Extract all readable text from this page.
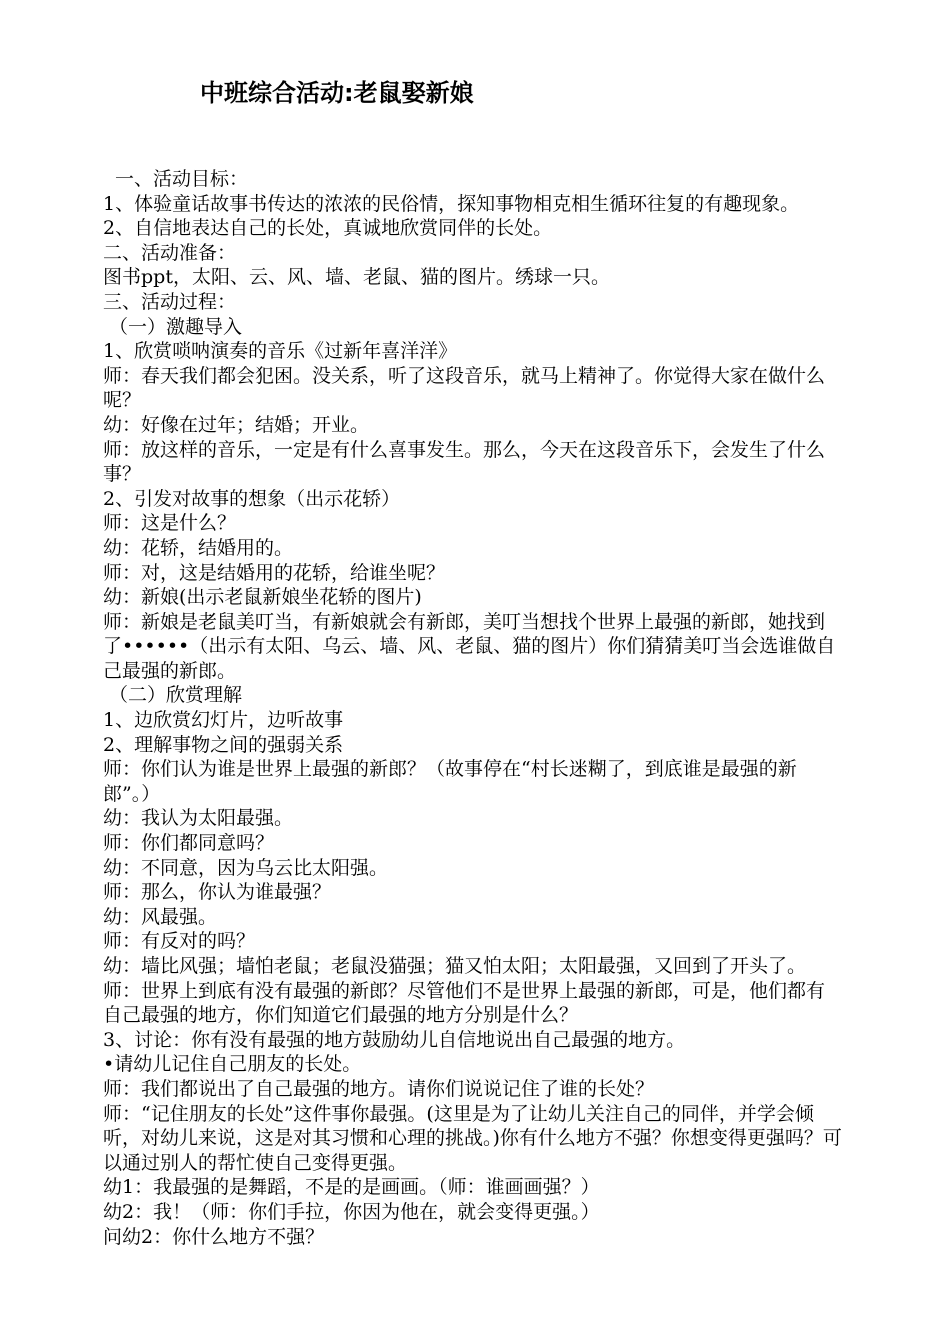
中班综合活动:老鼠娶新娘

一、活动目标：

1、体验童话故事书传达的浓浓的民俗情，探知事物相克相生循环往复的有趣现象。

2、自信地表达自己的长处，真诚地欣赏同伴的长处。

二、活动准备：

图书ppt，太阳、云、风、墙、老鼠、猫的图片。绣球一只。

三、活动过程：

（一）激趣导入

1、欣赏唢呐演奏的音乐《过新年喜洋洋》

师：春天我们都会犯困。没关系，听了这段音乐，就马上精神了。你觉得大家在做什么呢？

幼：好像在过年；结婚；开业。

师：放这样的音乐，一定是有什么喜事发生。那么，今天在这段音乐下，会发生了什么事？

2、引发对故事的想象（出示花轿）

师：这是什么？

幼：花轿，结婚用的。

师：对，这是结婚用的花轿，给谁坐呢？

幼：新娘(出示老鼠新娘坐花轿的图片)

师：新娘是老鼠美叮当，有新娘就会有新郎，美叮当想找个世界上最强的新郎，她找到了••••••（出示有太阳、乌云、墙、风、老鼠、猫的图片）你们猜猜美叮当会选谁做自己最强的新郎。

（二）欣赏理解

1、边欣赏幻灯片，边听故事

2、理解事物之间的强弱关系

师：你们认为谁是世界上最强的新郎？（故事停在“村长迷糊了，到底谁是最强的新郎”。）

幼：我认为太阳最强。

师：你们都同意吗？

幼：不同意，因为乌云比太阳强。

师：那么，你认为谁最强？

幼：风最强。

师：有反对的吗？

幼：墙比风强；墙怕老鼠；老鼠没猫强；猫又怕太阳；太阳最强，又回到了开头了。

师：世界上到底有没有最强的新郎？尽管他们不是世界上最强的新郎，可是，他们都有自己最强的地方，你们知道它们最强的地方分别是什么？

3、讨论：你有没有最强的地方鼓励幼儿自信地说出自己最强的地方。

•请幼儿记住自己朋友的长处。

师：我们都说出了自己最强的地方。请你们说说记住了谁的长处？

师：“记住朋友的长处”这件事你最强。(这里是为了让幼儿关注自己的同伴，并学会倾听，对幼儿来说，这是对其习惯和心理的挑战。)你有什么地方不强？你想变得更强吗？可以通过别人的帮忙使自己变得更强。

幼1：我最强的是舞蹈，不是的是画画。（师：谁画画强？）

幼2：我！（师：你们手拉，你因为他在，就会变得更强。）

问幼2：你什么地方不强？
